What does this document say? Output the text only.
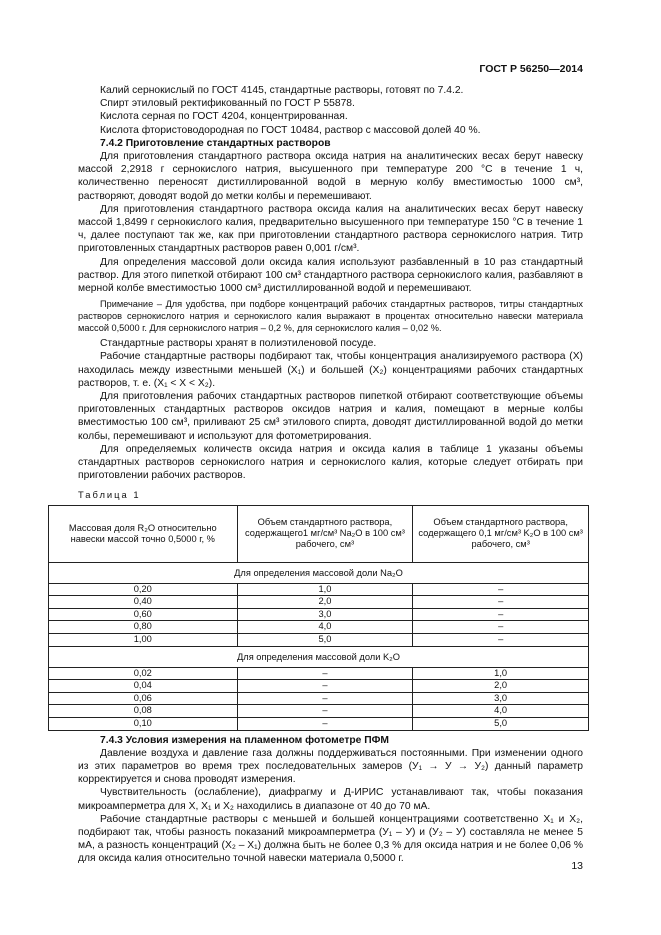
ГОСТ Р 56250—2014

Калий сернокислый по ГОСТ 4145, стандартные растворы, готовят по 7.4.2.

Спирт этиловый ректификованный по ГОСТ Р 55878.

Кислота серная по ГОСТ 4204, концентрированная.

Кислота фтористоводородная по ГОСТ 10484, раствор с массовой долей 40 %.

7.4.2 Приготовление стандартных растворов

Для приготовления стандартного раствора оксида натрия на аналитических весах берут навеску массой 2,2918 г сернокислого натрия, высушенного при температуре 200 °С в течение 1 ч, количественно переносят дистиллированной водой в мерную колбу вместимостью 1000 см³, растворяют, доводят водой до метки колбы и перемешивают.

Для приготовления стандартного раствора оксида калия на аналитических весах берут навеску массой 1,8499 г сернокислого калия, предварительно высушенного при температуре 150 °С в течение 1 ч, далее поступают так же, как при приготовлении стандартного раствора сернокислого натрия. Титр приготовленных стандартных растворов равен 0,001 г/см³.

Для определения массовой доли оксида калия используют разбавленный в 10 раз стандартный раствор. Для этого пипеткой отбирают 100 см³ стандартного раствора сернокислого калия, разбавляют в мерной колбе вместимостью 1000 см³ дистиллированной водой и перемешивают.

Примечание – Для удобства, при подборе концентраций рабочих стандартных растворов, титры стандартных растворов сернокислого натрия и сернокислого калия выражают в процентах относительно навески материала массой 0,5000 г. Для сернокислого натрия – 0,2 %, для сернокислого калия – 0,02 %.

Стандартные растворы хранят в полиэтиленовой посуде.

Рабочие стандартные растворы подбирают так, чтобы концентрация анализируемого раствора (X) находилась между известными меньшей (X₁) и большей (X₂) концентрациями рабочих стандартных растворов, т. е. (X₁ < X < X₂).

Для приготовления рабочих стандартных растворов пипеткой отбирают соответствующие объемы приготовленных стандартных растворов оксидов натрия и калия, помещают в мерные колбы вместимостью 100 см³, приливают 25 см³ этилового спирта, доводят дистиллированной водой до метки колбы, перемешивают и используют для фотометрирования.

Для определяемых количеств оксида натрия и оксида калия в таблице 1 указаны объемы стандартных растворов сернокислого натрия и сернокислого калия, которые следует отбирать при приготовлении рабочих растворов.

Таблица 1
Массовая доля R₂O относительно навески массой точно 0,5000 г, %	Объем стандартного раствора, содержащего1 мг/см³ Na₂O в 100 см³ рабочего, см³	Объем стандартного раствора, содержащего 0,1 мг/см³ K₂O в 100 см³ рабочего, см³
Для определения массовой доли Na₂O		
0,20	1,0	–
0,40	2,0	–
0,60	3,0	–
0,80	4,0	–
1,00	5,0	–
Для определения массовой доли K₂O		
0,02	–	1,0
0,04	–	2,0
0,06	–	3,0
0,08	–	4,0
0,10	–	5,0

7.4.3 Условия измерения на пламенном фотометре ПФМ

Давление воздуха и давление газа должны поддерживаться постоянными. При изменении одного из этих параметров во время трех последовательных замеров (У₁ → У → У₂) данный параметр корректируется и снова проводят измерения.

Чувствительность (ослабление), диафрагму и Д-ИРИС устанавливают так, чтобы показания микроамперметра для X, X₁ и X₂ находились в диапазоне от 40 до 70 мА.

Рабочие стандартные растворы с меньшей и большей концентрациями соответственно X₁ и X₂, подбирают так, чтобы разность показаний микроамперметра (У₁ – У) и (У₂ – У) составляла не менее 5 мА, а разность концентраций (X₂ – X₁) должна быть не более 0,3 % для оксида натрия и не более 0,06 % для оксида калия относительно точной навески материала 0,5000 г.

13
